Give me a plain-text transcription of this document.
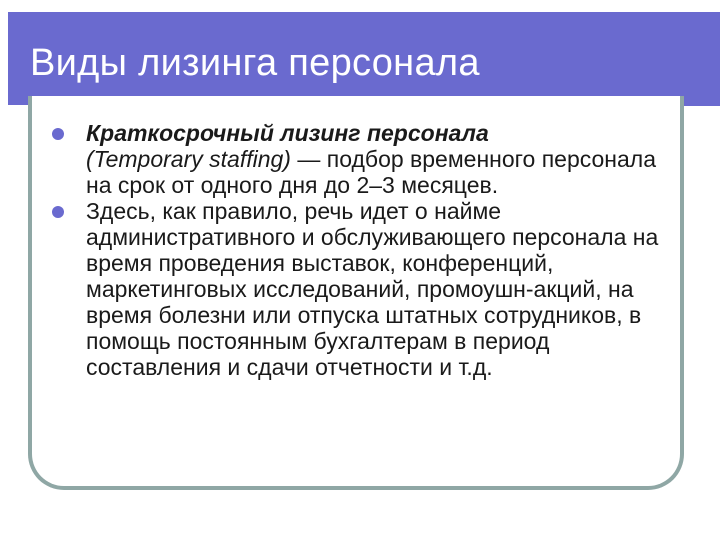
Виды лизинга персонала
Краткосрочный лизинг персонала
(Temporary staffing) — подбор временного персонала на срок от одного дня до 2–3 месяцев.
Здесь, как правило, речь идет о найме административного и обслуживающего персонала на время проведения выставок, конференций, маркетинговых исследований, промоушн-акций, на время болезни или отпуска штатных сотрудников, в помощь постоянным бухгалтерам в период составления и сдачи отчетности и т.д.
